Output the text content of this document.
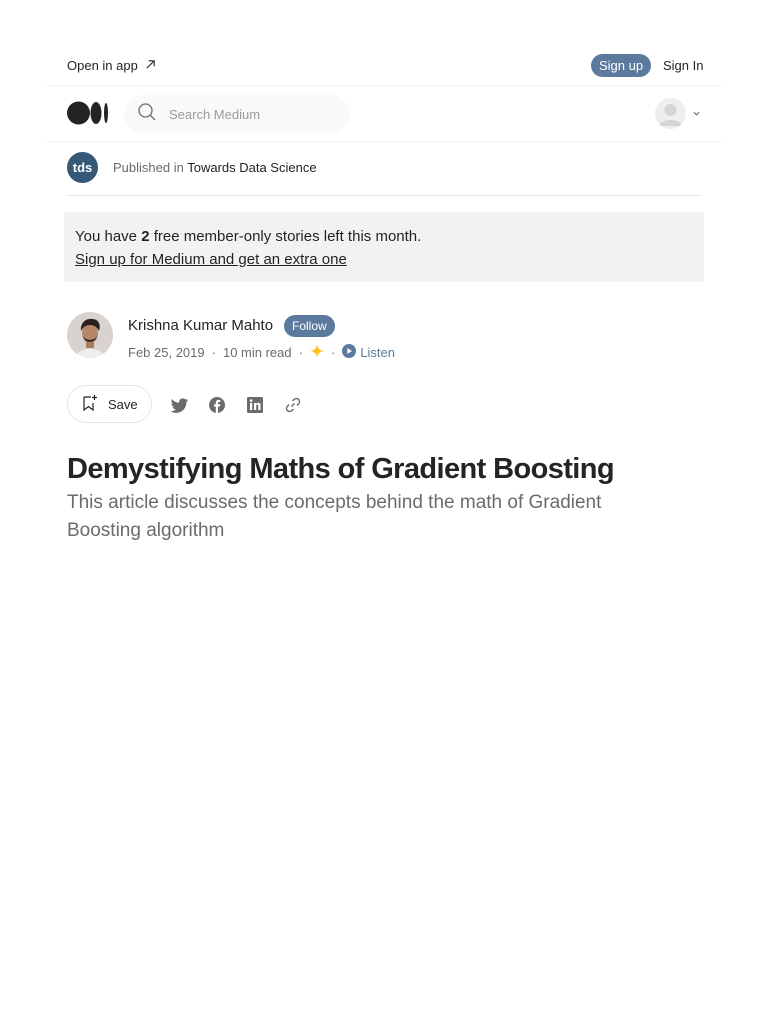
Open in app	Sign up	Sign In
Search Medium
tds	Published in Towards Data Science
You have 2 free member-only stories left this month.
Sign up for Medium and get an extra one
Krishna Kumar Mahto	Follow
Feb 25, 2019 · 10 min read · · Listen
Save
Demystifying Maths of Gradient Boosting
This article discusses the concepts behind the math of Gradient Boosting algorithm
